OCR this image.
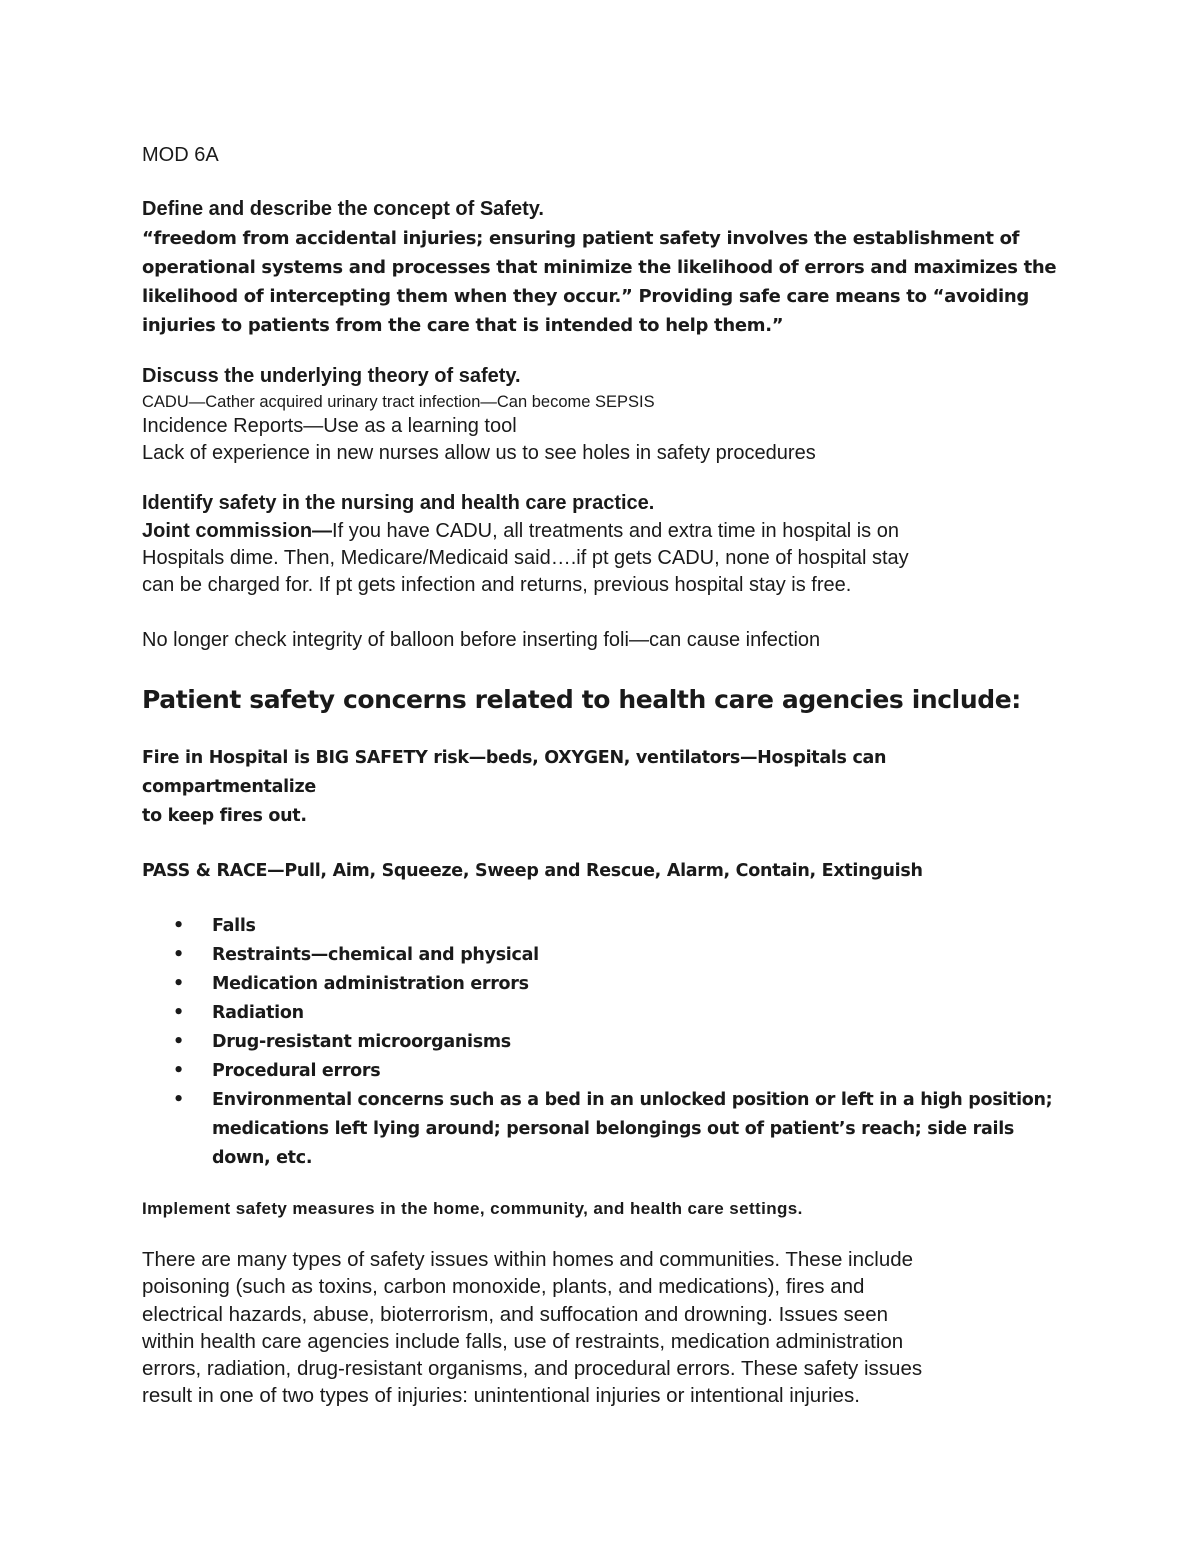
MOD 6A

Define and describe the concept of Safety.

“freedom from accidental injuries; ensuring patient safety involves the establishment of

operational systems and processes that minimize the likelihood of errors and maximizes the

likelihood of intercepting them when they occur.” Providing safe care means to “avoiding

injuries to patients from the care that is intended to help them.”

Discuss the underlying theory of safety.

CADU—Cather acquired urinary tract infection—Can become SEPSIS

Incidence Reports—Use as a learning tool

Lack of experience in new nurses allow us to see holes in safety procedures

Identify safety in the nursing and health care practice.

Joint commission—If you have CADU, all treatments and extra time in hospital is on

Hospitals dime. Then, Medicare/Medicaid said….if pt gets CADU, none of hospital stay

can be charged for. If pt gets infection and returns, previous hospital stay is free.

No longer check integrity of balloon before inserting foli—can cause infection

Patient safety concerns related to health care agencies include:

Fire in Hospital is BIG SAFETY risk—beds, OXYGEN, ventilators—Hospitals can compartmentalize

to keep fires out.

PASS & RACE—Pull, Aim, Squeeze, Sweep and Rescue, Alarm, Contain, Extinguish

• Falls
• Restraints—chemical and physical
• Medication administration errors
• Radiation
• Drug-resistant microorganisms
• Procedural errors
• Environmental concerns such as a bed in an unlocked position or left in a high position;
medications left lying around; personal belongings out of patient’s reach; side rails
down, etc.

Implement safety measures in the home, community, and health care settings.

There are many types of safety issues within homes and communities. These include

poisoning (such as toxins, carbon monoxide, plants, and medications), fires and

electrical hazards, abuse, bioterrorism, and suffocation and drowning. Issues seen

within health care agencies include falls, use of restraints, medication administration

errors, radiation, drug-resistant organisms, and procedural errors. These safety issues

result in one of two types of injuries: unintentional injuries or intentional injuries.
